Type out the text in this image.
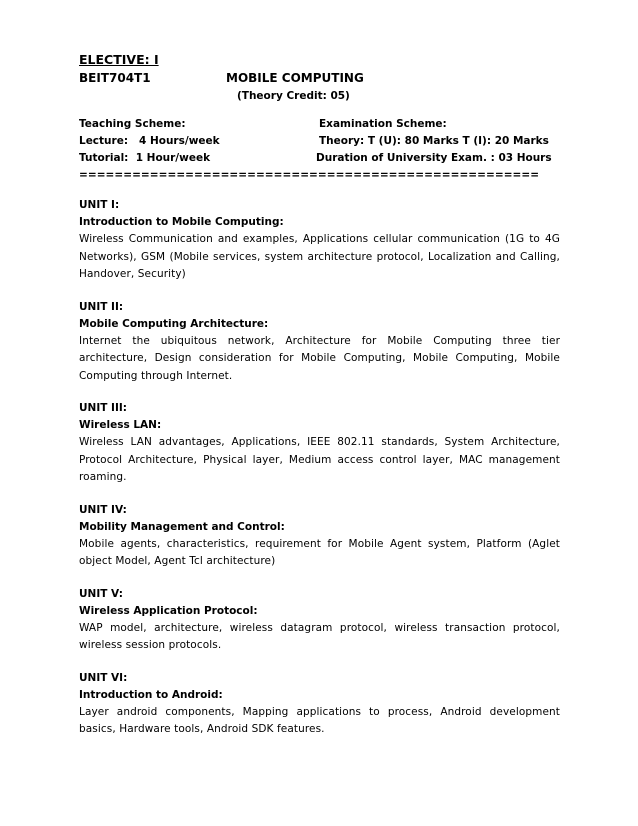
ELECTIVE: I
BEIT704T1	MOBILE COMPUTING
(Theory Credit: 05)
Teaching Scheme:	Examination Scheme:
Lecture:   4 Hours/week	Theory: T (U): 80 Marks T (I): 20 Marks
Tutorial:  1 Hour/week	Duration of University Exam. : 03 Hours
====================================================
UNIT I:
Introduction to Mobile Computing:
Wireless Communication and examples, Applications cellular communication (1G to 4G Networks), GSM (Mobile services, system architecture protocol, Localization and Calling, Handover, Security)
UNIT II:
Mobile Computing Architecture:
Internet the ubiquitous network, Architecture for Mobile Computing three tier architecture, Design consideration for Mobile Computing, Mobile Computing, Mobile Computing through Internet.
UNIT III:
Wireless LAN:
Wireless LAN advantages, Applications, IEEE 802.11 standards, System Architecture, Protocol Architecture, Physical layer, Medium access control layer, MAC management roaming.
UNIT IV:
Mobility Management and Control:
Mobile agents, characteristics, requirement for Mobile Agent system, Platform (Aglet object Model, Agent Tcl architecture)
UNIT V:
Wireless Application Protocol:
WAP model, architecture, wireless datagram protocol, wireless transaction protocol, wireless session protocols.
UNIT VI:
Introduction to Android:
Layer android components, Mapping applications to process, Android development basics, Hardware tools, Android SDK features.
